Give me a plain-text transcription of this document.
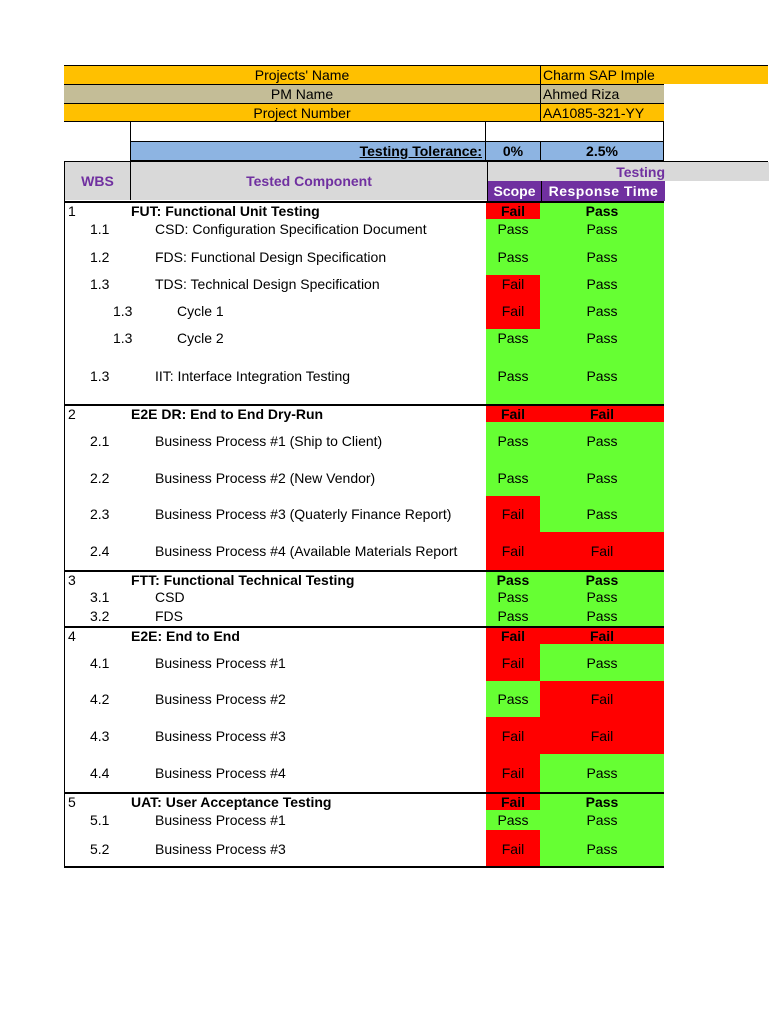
Projects' Name	Charm SAP Imple
PM Name	Ahmed Riza
Project Number	AA1085-321-YY
Testing Tolerance:	0%	2.5%
WBS	Tested Component
Testing
Scope Response Time
1	FUT: Functional Unit Testing	Fail	Pass
1.1	CSD: Configuration Specification Document	Pass	Pass
1.2	FDS: Functional Design Specification	Pass	Pass
1.3	TDS: Technical Design Specification	Fail	Pass
1.3	Cycle 1	Fail	Pass
1.3	Cycle 2	Pass	Pass
1.3	IIT: Interface Integration Testing	Pass	Pass
2	E2E DR: End to End Dry-Run	Fail	Fail
2.1	Business Process #1 (Ship to Client)	Pass	Pass
2.2	Business Process #2 (New Vendor)	Pass	Pass
2.3	Business Process #3 (Quaterly Finance Report)	Fail	Pass
2.4	Business Process #4 (Available Materials Report	Fail	Fail
3	FTT: Functional Technical Testing	Pass	Pass
3.1	CSD	Pass	Pass
3.2	FDS	Pass	Pass
4	E2E: End to End	Fail	Fail
4.1	Business Process #1	Fail	Pass
4.2	Business Process #2	Pass	Fail
4.3	Business Process #3	Fail	Fail
4.4	Business Process #4	Fail	Pass
5	UAT: User Acceptance Testing	Fail	Pass
5.1	Business Process #1	Pass	Pass
5.2	Business Process #3	Fail	Pass
